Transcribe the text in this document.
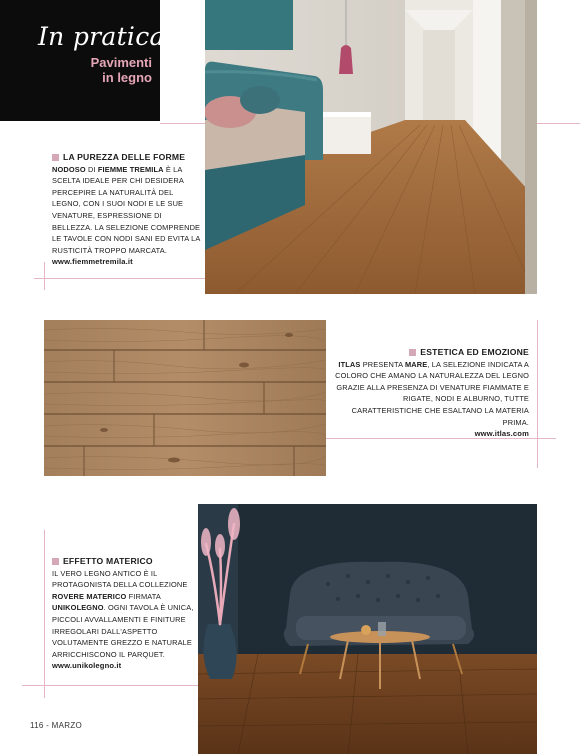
In pratica
Pavimenti
in legno
LA PUREZZA DELLE FORME
NODOSO DI FIEMME TREMILA È LA SCELTA IDEALE PER CHI DESIDERA PERCEPIRE LA NATURALITÀ DEL LEGNO, CON I SUOI NODI E LE SUE VENATURE, ESPRESSIONE DI BELLEZZA. LA SELEZIONE COMPRENDE LE TAVOLE CON NODI SANI ED EVITA LA RUSTICITÀ TROPPO MARCATA.
www.fiemmetremila.it
ESTETICA ED EMOZIONE
ITLAS PRESENTA MARE, LA SELEZIONE INDICATA A COLORO CHE AMANO LA NATURALEZZA DEL LEGNO GRAZIE ALLA PRESENZA DI VENATURE FIAMMATE E RIGATE, NODI E ALBURNO, TUTTE CARATTERISTICHE CHE ESALTANO LA MATERIA PRIMA.
www.itlas.com
EFFETTO MATERICO
IL VERO LEGNO ANTICO È IL PROTAGONISTA DELLA COLLEZIONE ROVERE MATERICO FIRMATA UNIKOLEGNO. OGNI TAVOLA È UNICA, PICCOLI AVVALLAMENTI E FINITURE IRREGOLARI DALL'ASPETTO VOLUTAMENTE GREZZO E NATURALE ARRICCHISCONO IL PARQUET.
www.unikolegno.it
116 - MARZO
